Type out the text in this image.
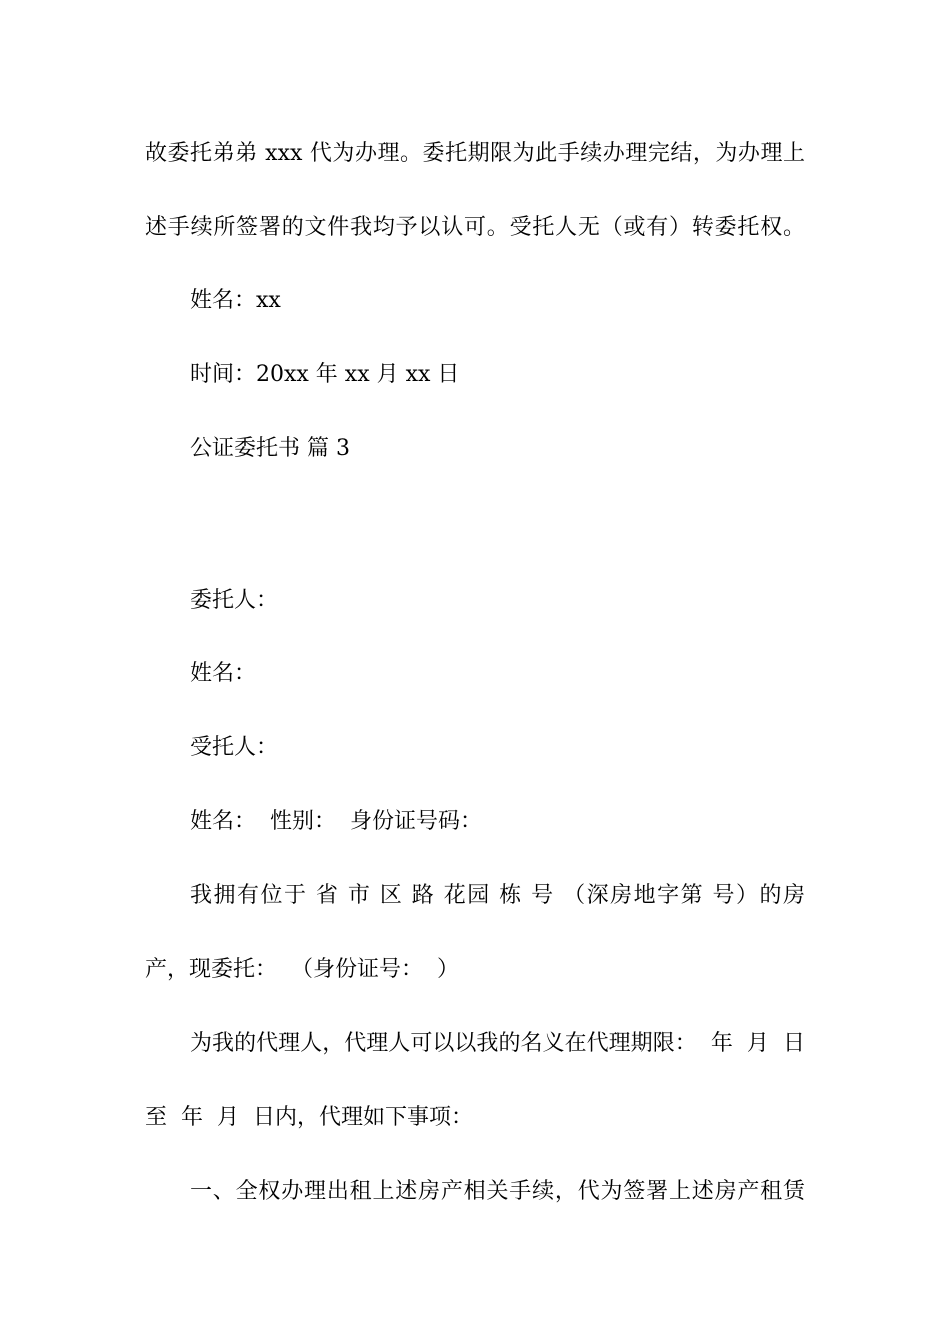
故委托弟弟 xxx 代为办理。委托期限为此手续办理完结，为办理上
述手续所签署的文件我均予以认可。受托人无（或有）转委托权。
姓名：xx
时间：20xx 年 xx 月 xx 日
公证委托书 篇 3
委托人：
姓名：
受托人：
姓名：  性别：  身份证号码：
我拥有位于 省 市 区 路 花园 栋 号 （深房地字第 号）的房
产，现委托：  （身份证号：  ）
为我的代理人，代理人可以以我的名义在代理期限：  年  月  日
至  年  月  日内，代理如下事项：
一、全权办理出租上述房产相关手续，代为签署上述房产租赁
